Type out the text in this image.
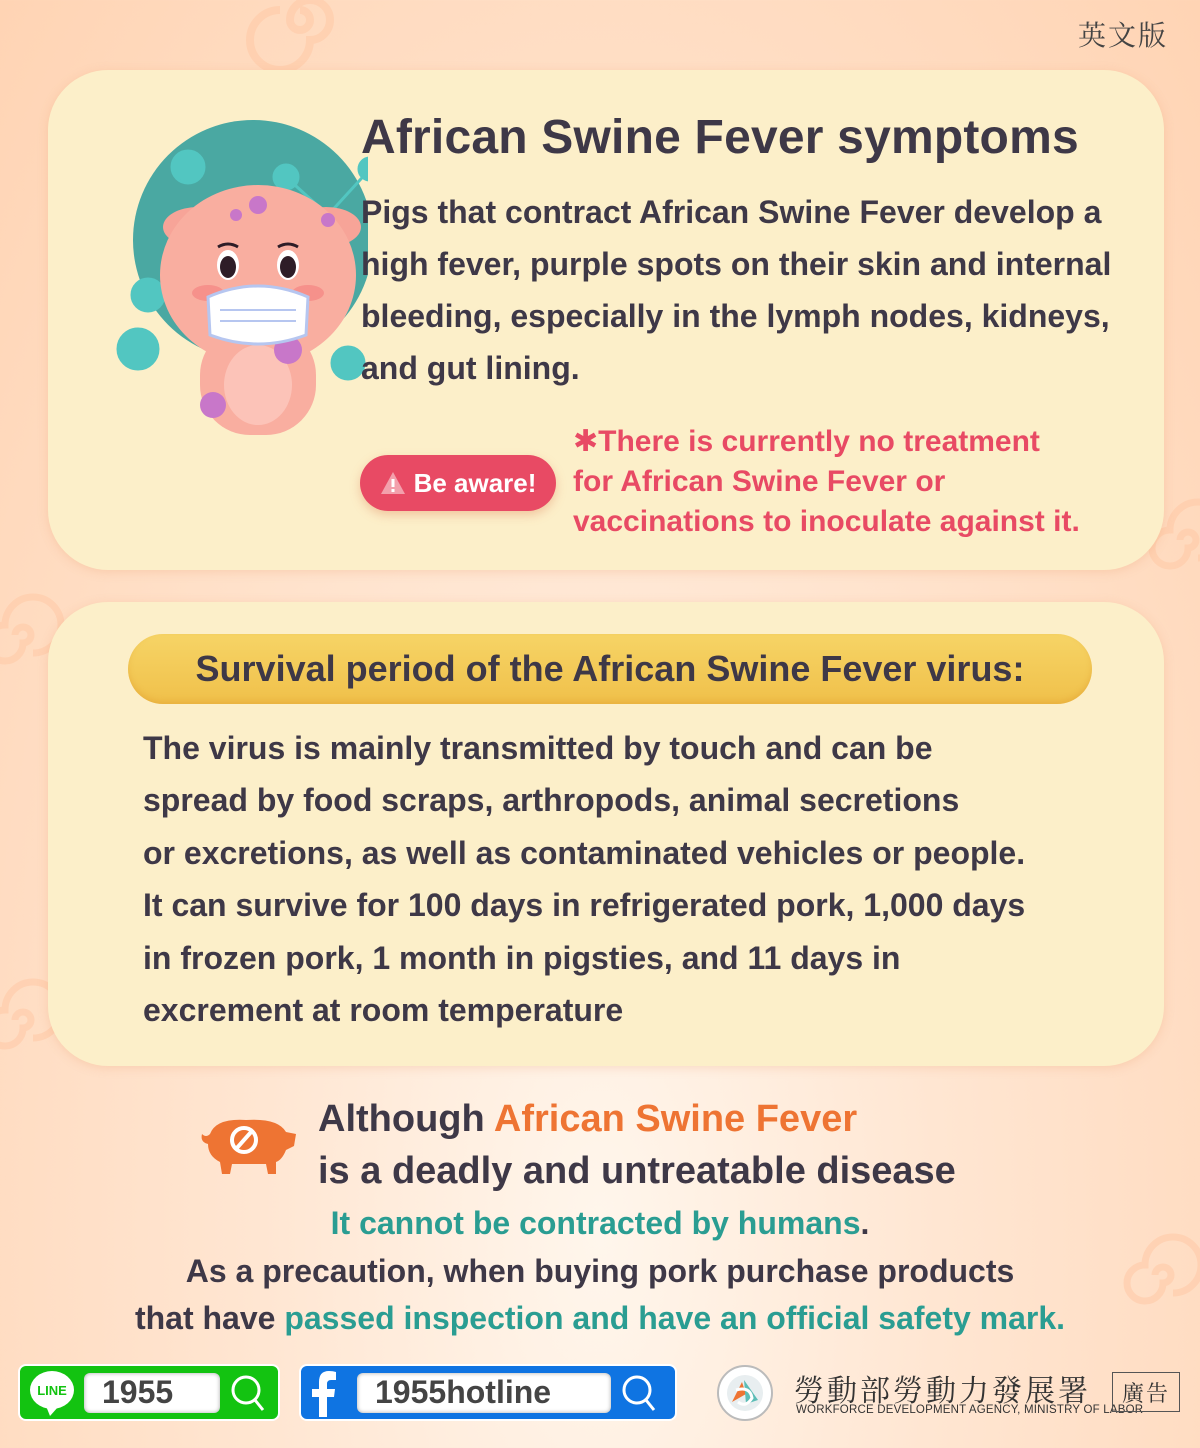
英文版
African Swine Fever symptoms

Pigs that contract African Swine Fever develop a high fever, purple spots on their skin and internal bleeding, especially in the lymph nodes, kidneys, and gut lining.

Be aware!
✱There is currently no treatment
for African Swine Fever or
vaccinations to inoculate against it.
Survival period of the African Swine Fever virus:
The virus is mainly transmitted by touch and can be
spread by food scraps, arthropods, animal secretions
or excretions, as well as contaminated vehicles or people.
It can survive for 100 days in refrigerated pork, 1,000 days
in frozen pork, 1 month in pigsties, and 11 days in
excrement at room temperature
Although African Swine Fever
is a deadly and untreatable disease
It cannot be contracted by humans.
As a precaution, when buying pork purchase products
that have passed inspection and have an official safety mark.
LINE	1955	1955hotline	勞動部勞動力發展署
WORKFORCE DEVELOPMENT AGENCY, MINISTRY OF LABOR
廣告
